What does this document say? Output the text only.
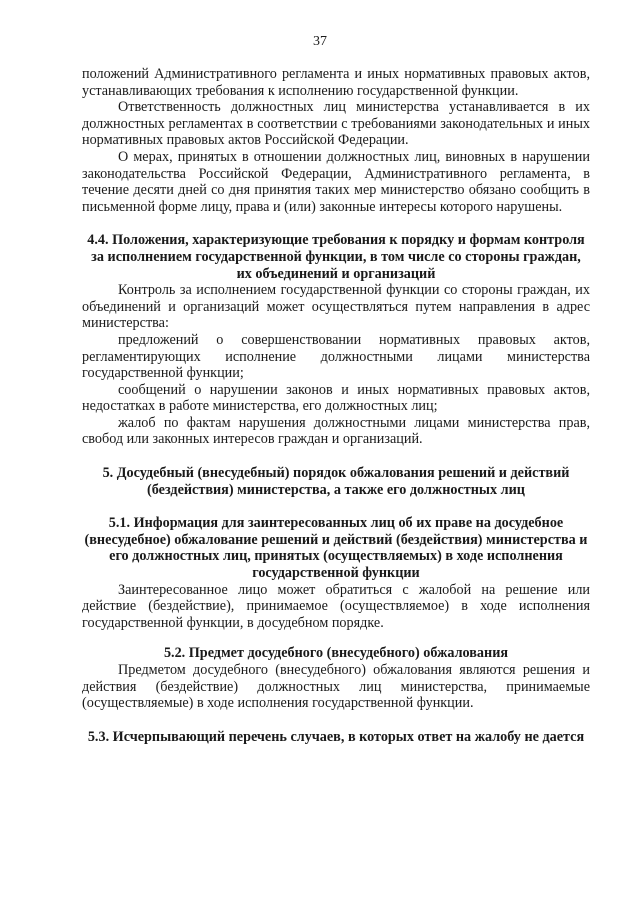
37

положений Административного регламента и иных нормативных правовых актов, устанавливающих требования к исполнению государственной функции.

Ответственность должностных лиц министерства устанавливается в их должностных регламентах в соответствии с требованиями законодательных и иных нормативных правовых актов Российской Федерации.

О мерах, принятых в отношении должностных лиц, виновных в нарушении законодательства Российской Федерации, Административного регламента, в течение десяти дней со дня принятия таких мер министерство обязано сообщить в письменной форме лицу, права и (или) законные интересы которого нарушены.

4.4. Положения, характеризующие требования к порядку и формам контроля за исполнением государственной функции, в том числе со стороны граждан, их объединений и организаций

Контроль за исполнением государственной функции со стороны граждан, их объединений и организаций может осуществляться путем направления в адрес министерства:

предложений о совершенствовании нормативных правовых актов, регламентирующих исполнение должностными лицами министерства государственной функции;

сообщений о нарушении законов и иных нормативных правовых актов, недостатках в работе министерства, его должностных лиц;

жалоб по фактам нарушения должностными лицами министерства прав, свобод или законных интересов граждан и организаций.

5. Досудебный (внесудебный) порядок обжалования решений и действий (бездействия) министерства, а также его должностных лиц

5.1. Информация для заинтересованных лиц об их праве на досудебное (внесудебное) обжалование решений и действий (бездействия) министерства и его должностных лиц, принятых (осуществляемых) в ходе исполнения государственной функции

Заинтересованное лицо может обратиться с жалобой на решение или действие (бездействие), принимаемое (осуществляемое) в ходе исполнения государственной функции, в досудебном порядке.

5.2. Предмет досудебного (внесудебного) обжалования

Предметом досудебного (внесудебного) обжалования являются решения и действия (бездействие) должностных лиц министерства, принимаемые (осуществляемые) в ходе исполнения государственной функции.

5.3. Исчерпывающий перечень случаев, в которых ответ на жалобу не дается
